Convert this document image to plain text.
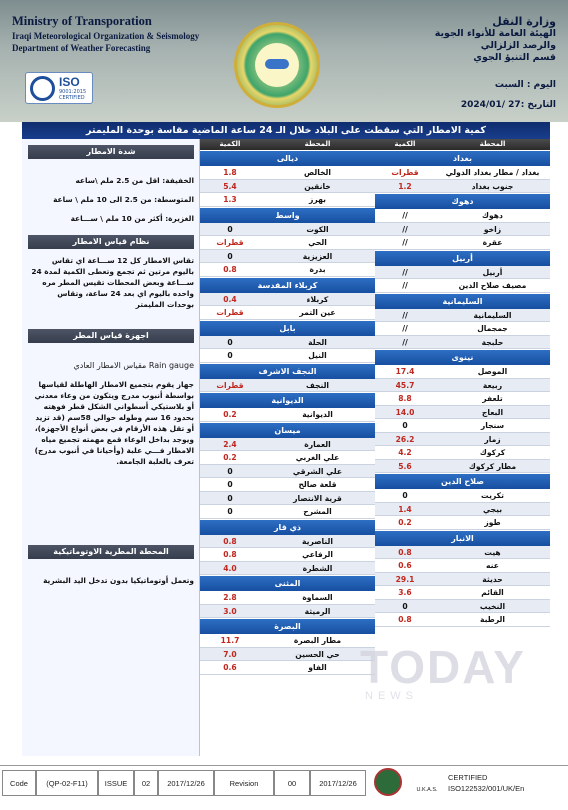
Ministry of Transporation
Iraqi Meteorological Organization & Seismology
Department of Weather Forecasting
ISO
9001:2015 CERTIFIED
وزارة النقل
الهيئة العامة للأنواء الجوية
والرصد الزلزالي
قسم التنبؤ الجوي
اليوم : السبت
التاريخ :27 /2024/01
كمية الامطار التي سقطت على البلاد خلال الـ 24 ساعة الماضية مقاسة بوحدة المليمتر
شدة الامطار
الخفيفة: اقل من 2.5 ملم \ساعه
المتوسطة: من 2.5 الى 10 ملم \ ساعة
الغزيرة: أكثر من 10 ملم \ ســـاعة
نظام قياس الامطار
تقاس الامطار كل 12 ســـاعة اي تقاس باليوم مرتين ثم تجمع وتعطى الكمية لمدة 24 ســـاعة وبعض المحطات تقيس المطر مره واحده باليوم اي بعد 24 ساعة، وتقاس بوحدات المليمتر
اجهزة قياس المطر
مقياس الامطار العادي Rain gauge
جهاز يقوم بتجميع الامطار الهاطلة لقياسها بواسطة أنبوب مدرج ويتكون من وعاء معدني أو بلاستيكي أسطواني الشكل قطر فوهته بحدود 16 سم وطوله حوالي 58سم (قد تزيد أو تقل هذه الأرقام في بعض أنواع الأجهزة)، ويوجد بداخل الوعاء قمع مهمته تجميع مياه الامطار فـــي علبة (وأحيانا في أنبوب مدرج) تعرف بالعلبة الجامعة.
المحطة المطرية الاوتوماتيكية
وتعمل أوتوماتيكيا بدون تدخل اليد البشرية
الكمية	المحطة
ديالى
1.8	الخالص
5.4	خانقين
1.3	بهرز
واسط
0	الكوت
قطرات	الحي
0	العزيزية
0.8	بدرة
كربلاء المقدسة
0.4	كربلاء
قطرات	عين التمر
بابل
0	الحلة
0	النيل
النجف الاشرف
قطرات	النجف
الديوانية
0.2	الديوانية
ميسان
2.4	العمارة
0.2	علي الغربي
0	علي الشرقي
0	قلعة صالح
0	قرية الانتصار
0	المشرح
ذي قار
0.8	الناصرية
0.8	الرفاعي
4.0	الشطرة
المثنى
2.8	السماوة
3.0	الرميثة
البصرة
11.7	مطار البصرة
7.0	حي الحسين
0.6	الفاو
الكمية	المحطة
بغداد
قطرات	بغداد / مطار بغداد الدولي
1.2	جنوب بغداد
دهوك
//	دهوك
//	زاخو
//	عقرة
أربيل
//	أربيل
//	مصيف صلاح الدين
السليمانية
//	السليمانية
//	جمجمال
//	حلبجة
نينوى
17.4	الموصل
45.7	ربيعة
8.8	تلعفر
14.0	البعاج
0	سنجار
26.2	زمار
4.2	كركوك
5.6	مطار كركوك
صلاح الدين
0	تكريت
1.4	بيجي
0.2	طوز
الانبار
0.8	هيت
0.6	عنه
29.1	حديثة
3.6	القائم
0	النخيب
0.8	الرطبة
TODAY
NEWS
Code	(QP-02-F11)	ISSUE	02	2017/12/26	Revision	00	2017/12/26
U.K.A.S.
CERTIFIED
ISO122532/001/UK/En
